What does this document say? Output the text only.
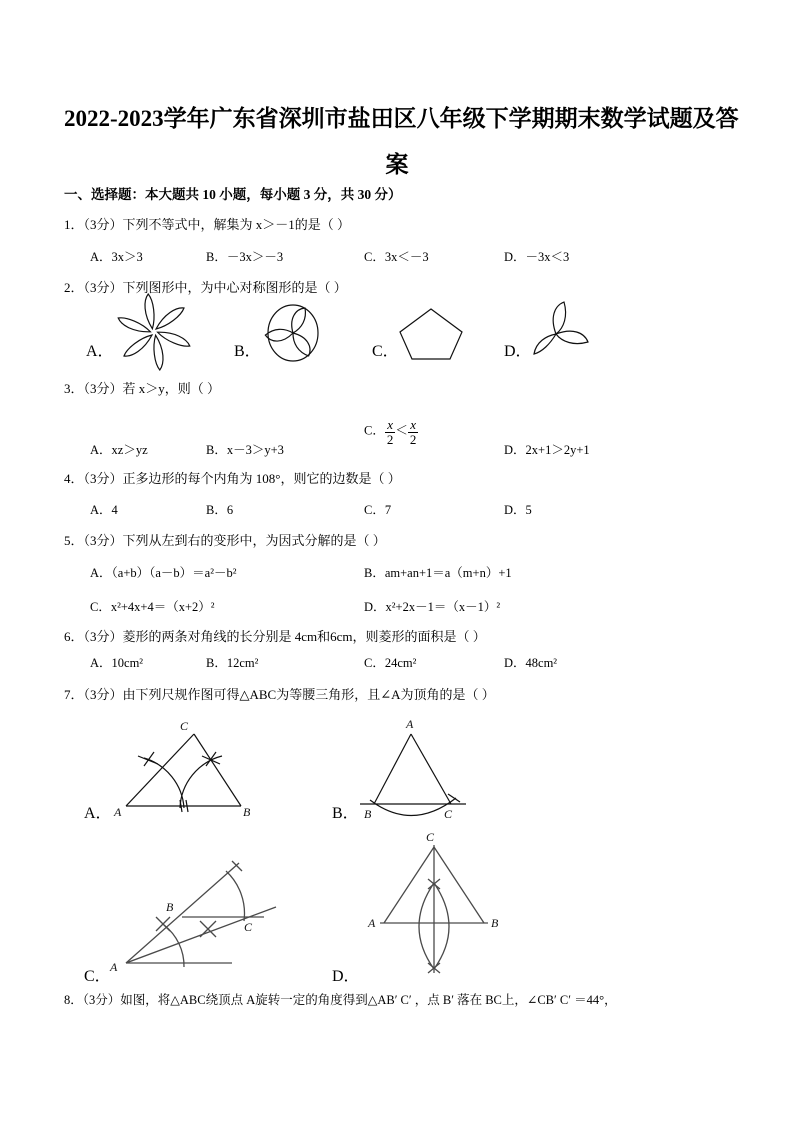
2022-2023学年广东省深圳市盐田区八年级下学期期末数学试题及答
案
一、选择题：本大题共 10 小题，每小题 3 分，共 30 分）
1．（3分）下列不等式中，解集为 x＞－1的是（ ）
A．3x＞3	B．－3x＞－3	C．3x＜－3	D．－3x＜3
2．（3分）下列图形中，为中心对称图形的是（ ）
A．	B．	C．	D．
3．（3分）若 x＞y，则（ ）
A．xz＞yz	B．x－3＞y+3
C． $\frac{x}{2} < \frac{x}{2}$
D．2x+1＞2y+1
4．（3分）正多边形的每个内角为 108°，则它的边数是（ ）
A．4	B．6	C．7	D．5
5．（3分）下列从左到右的变形中，为因式分解的是（ ）
A．（a+b）（a－b）＝a²－b²	B．am+an+1＝a（m+n）+1
C．x²+4x+4＝（x+2）²	D．x²+2x－1＝（x－1）²
6．（3分）菱形的两条对角线的长分别是 4cm和6cm，则菱形的面积是（ ）
A．10cm²	B．12cm²	C．24cm²	D．48cm²
7．（3分）由下列尺规作图可得△ABC为等腰三角形，且∠A为顶角的是（ ）
A．
C
A	B	B．
A
B	C
C．
B
C
A
D．
C
A	B
8．（3分）如图，将△ABC绕顶点 A旋转一定的角度得到△AB′ C′ ，点 B′ 落在 BC上，∠CB′ C′ ＝44°，
